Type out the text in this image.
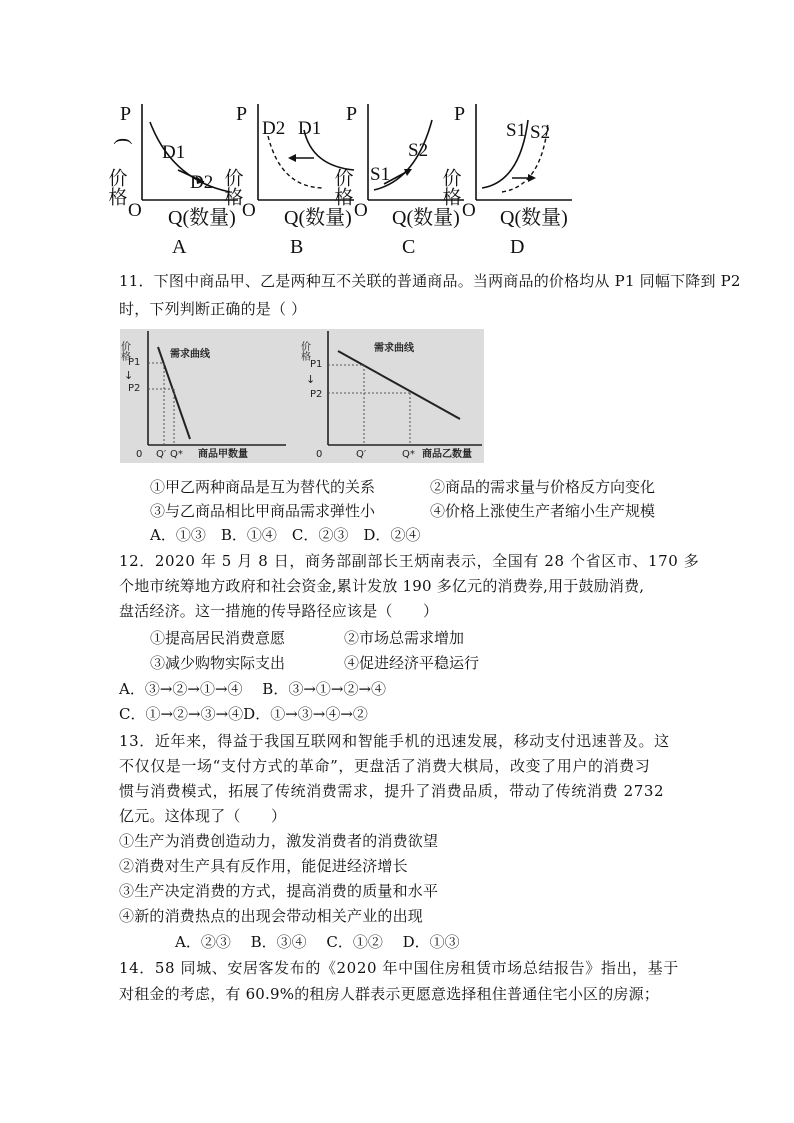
P
(
价格
D1
D2
O Q(数量)
P
价格
D2 D1
O Q(数量)
P
价格 S1
S2
O Q(数量)
P
价格
S1 S2
O Q(数量)
A	B	C	D
11．下图中商品甲、乙是两种互不关联的普通商品。当两商品的价格均从 P1 同幅下降到 P2
时，下列判断正确的是（ ）
价格	需求曲线
P1
P2
↓
Q′ Q* 商品甲数量
0
价格	需求曲线
P1
P2
↓
Q′	Q* 商品乙数量
0
①甲乙两种商品是互为替代的关系	②商品的需求量与价格反方向变化
③与乙商品相比甲商品需求弹性小	④价格上涨使生产者缩小生产规模
A．①③　B．①④　C．②③　D．②④
12．2020 年 5 月 8 日，商务部副部长王炳南表示，全国有 28 个省区市、170 多
个地市统筹地方政府和社会资金,累计发放 190 多亿元的消费券,用于鼓励消费,
盘活经济。这一措施的传导路径应该是（　　）
①提高居民消费意愿	②市场总需求增加
③减少购物实际支出	④促进经济平稳运行
A．③→②→①→④　 B．③→①→②→④
C．①→②→③→④D．①→③→④→②
13．近年来，得益于我国互联网和智能手机的迅速发展，移动支付迅速普及。这
不仅仅是一场“支付方式的革命”，更盘活了消费大棋局，改变了用户的消费习
惯与消费模式，拓展了传统消费需求，提升了消费品质，带动了传统消费 2732
亿元。这体现了（　　）
①生产为消费创造动力，激发消费者的消费欲望
②消费对生产具有反作用，能促进经济增长
③生产决定消费的方式，提高消费的质量和水平
④新的消费热点的出现会带动相关产业的出现
A．②③　 B．③④　 C．①②　 D．①③
14．58 同城、安居客发布的《2020 年中国住房租赁市场总结报告》指出，基于
对租金的考虑，有 60.9%的租房人群表示更愿意选择租住普通住宅小区的房源；
